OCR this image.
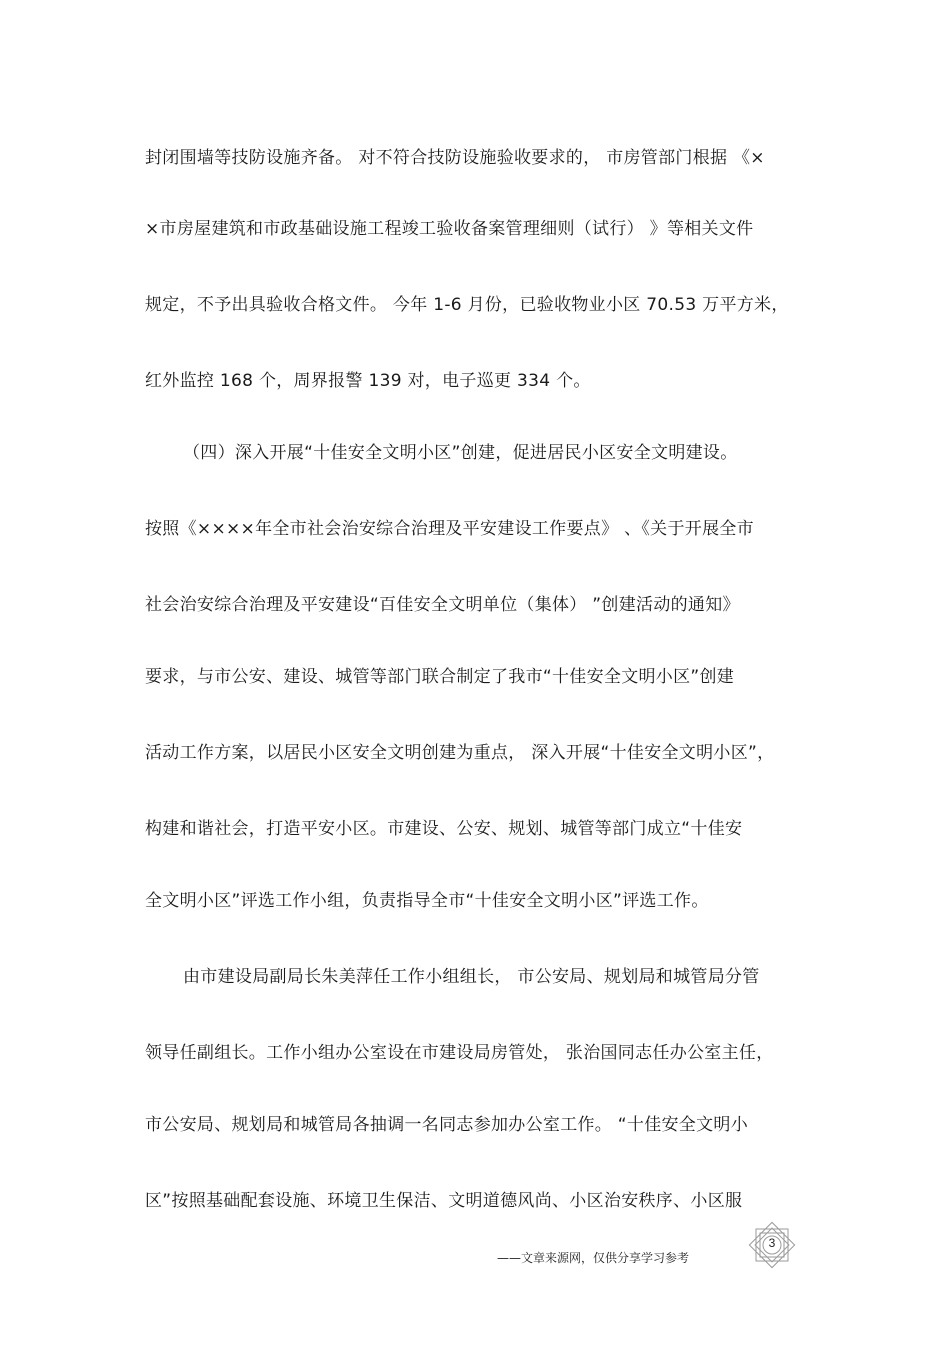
封闭围墙等技防设施齐备。 对不符合技防设施验收要求的， 市房管部门根据 《×
×市房屋建筑和市政基础设施工程竣工验收备案管理细则（试行） 》等相关文件
规定，不予出具验收合格文件。 今年 1-6 月份，已验收物业小区 70.53 万平方米，
红外监控 168 个，周界报警 139 对，电子巡更 334 个。
（四）深入开展“十佳安全文明小区”创建，促进居民小区安全文明建设。
按照《××××年全市社会治安综合治理及平安建设工作要点》 、《关于开展全市
社会治安综合治理及平安建设“百佳安全文明单位（集体） ”创建活动的通知》
要求，与市公安、建设、城管等部门联合制定了我市“十佳安全文明小区”创建
活动工作方案，以居民小区安全文明创建为重点， 深入开展“十佳安全文明小区”，
构建和谐社会，打造平安小区。市建设、公安、规划、城管等部门成立“十佳安
全文明小区”评选工作小组，负责指导全市“十佳安全文明小区”评选工作。
由市建设局副局长朱美萍任工作小组组长， 市公安局、规划局和城管局分管
领导任副组长。工作小组办公室设在市建设局房管处， 张治国同志任办公室主任，
市公安局、规划局和城管局各抽调一名同志参加办公室工作。 “十佳安全文明小
区”按照基础配套设施、环境卫生保洁、文明道德风尚、小区治安秩序、小区服
3
——文章来源网，仅供分享学习参考
